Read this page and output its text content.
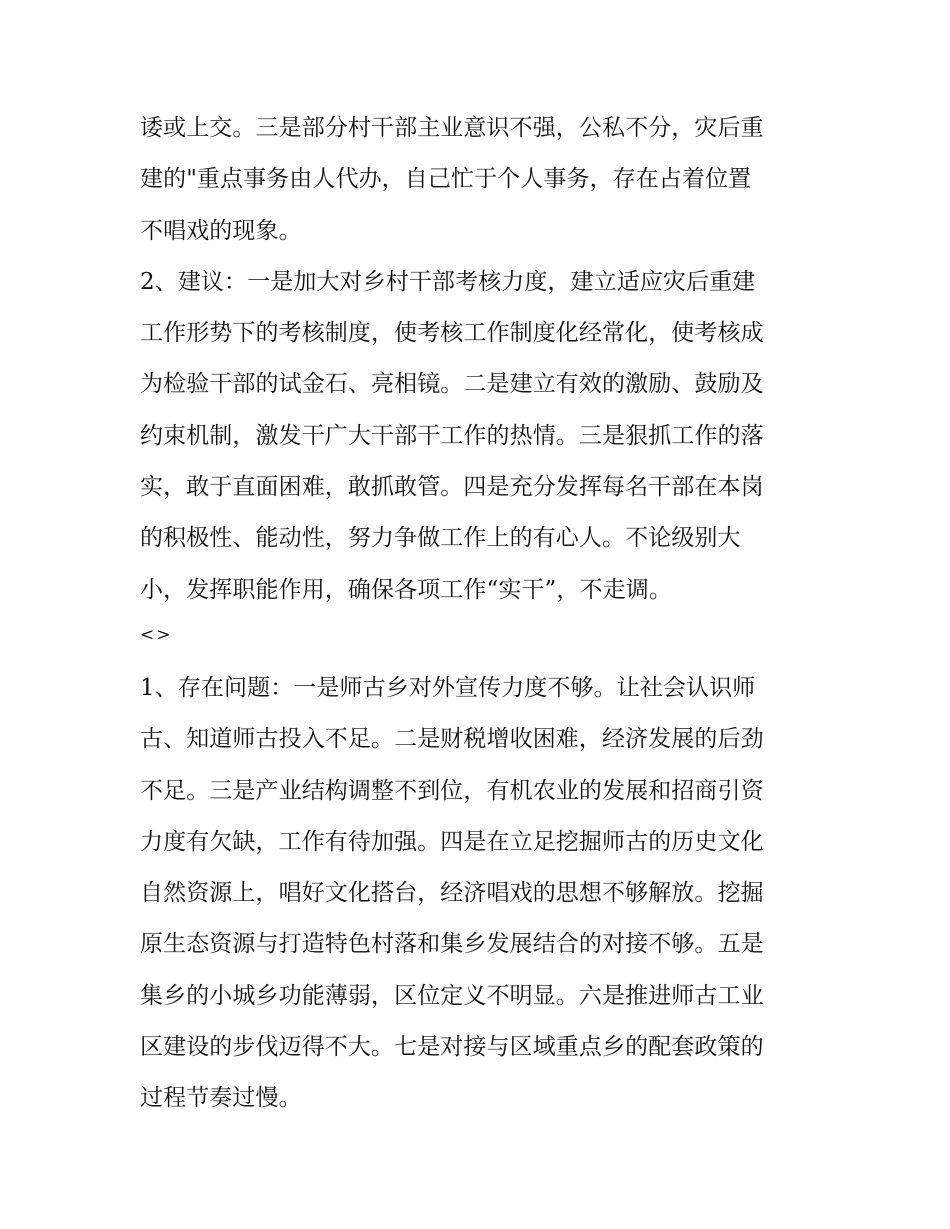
诿或上交。三是部分村干部主业意识不强，公私不分，灾后重
建的"重点事务由人代办，自己忙于个人事务，存在占着位置
不唱戏的现象。
2、建议：一是加大对乡村干部考核力度，建立适应灾后重建
工作形势下的考核制度，使考核工作制度化经常化，使考核成
为检验干部的试金石、亮相镜。二是建立有效的激励、鼓励及
约束机制，激发干广大干部干工作的热情。三是狠抓工作的落
实，敢于直面困难，敢抓敢管。四是充分发挥每名干部在本岗
的积极性、能动性，努力争做工作上的有心人。不论级别大
小，发挥职能作用，确保各项工作“实干”，不走调。
<>
1、存在问题：一是师古乡对外宣传力度不够。让社会认识师
古、知道师古投入不足。二是财税增收困难，经济发展的后劲
不足。三是产业结构调整不到位，有机农业的发展和招商引资
力度有欠缺，工作有待加强。四是在立足挖掘师古的历史文化
自然资源上，唱好文化搭台，经济唱戏的思想不够解放。挖掘
原生态资源与打造特色村落和集乡发展结合的对接不够。五是
集乡的小城乡功能薄弱，区位定义不明显。六是推进师古工业
区建设的步伐迈得不大。七是对接与区域重点乡的配套政策的
过程节奏过慢。
